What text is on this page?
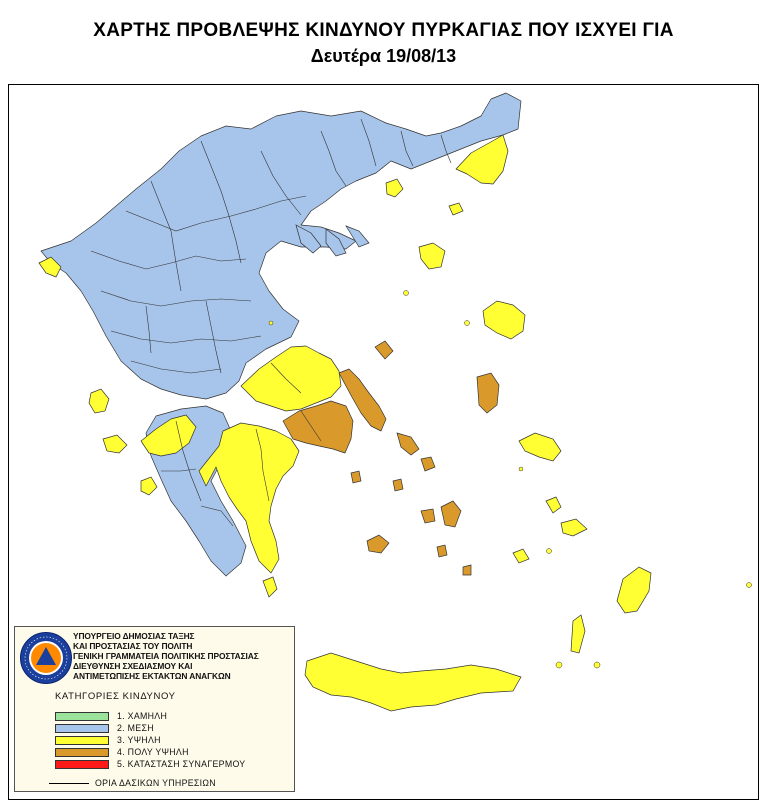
ΧΑΡΤΗΣ ΠΡΟΒΛΕΨΗΣ ΚΙΝΔΥΝΟΥ ΠΥΡΚΑΓΙΑΣ ΠΟΥ ΙΣΧΥΕΙ ΓΙΑ
Δευτέρα 19/08/13
ΥΠΟΥΡΓΕΙΟ ΔΗΜΟΣΙΑΣ ΤΑΞΗΣ
ΚΑΙ ΠΡΟΣΤΑΣΙΑΣ ΤΟΥ ΠΟΛΙΤΗ
ΓΕΝΙΚΗ ΓΡΑΜΜΑΤΕΙΑ ΠΟΛΙΤΙΚΗΣ ΠΡΟΣΤΑΣΙΑΣ
ΔΙΕΥΘΥΝΣΗ ΣΧΕΔΙΑΣΜΟΥ ΚΑΙ
ΑΝΤΙΜΕΤΩΠΙΣΗΣ ΕΚΤΑΚΤΩΝ ΑΝΑΓΚΩΝ
ΚΑΤΗΓΟΡΙΕΣ ΚΙΝΔΥΝΟΥ
1. ΧΑΜΗΛΗ
2. ΜΕΣΗ
3. ΥΨΗΛΗ
4. ΠΟΛΥ ΥΨΗΛΗ
5. ΚΑΤΑΣΤΑΣΗ ΣΥΝΑΓΕΡΜΟΥ
ΟΡΙΑ ΔΑΣΙΚΩΝ ΥΠΗΡΕΣΙΩΝ
